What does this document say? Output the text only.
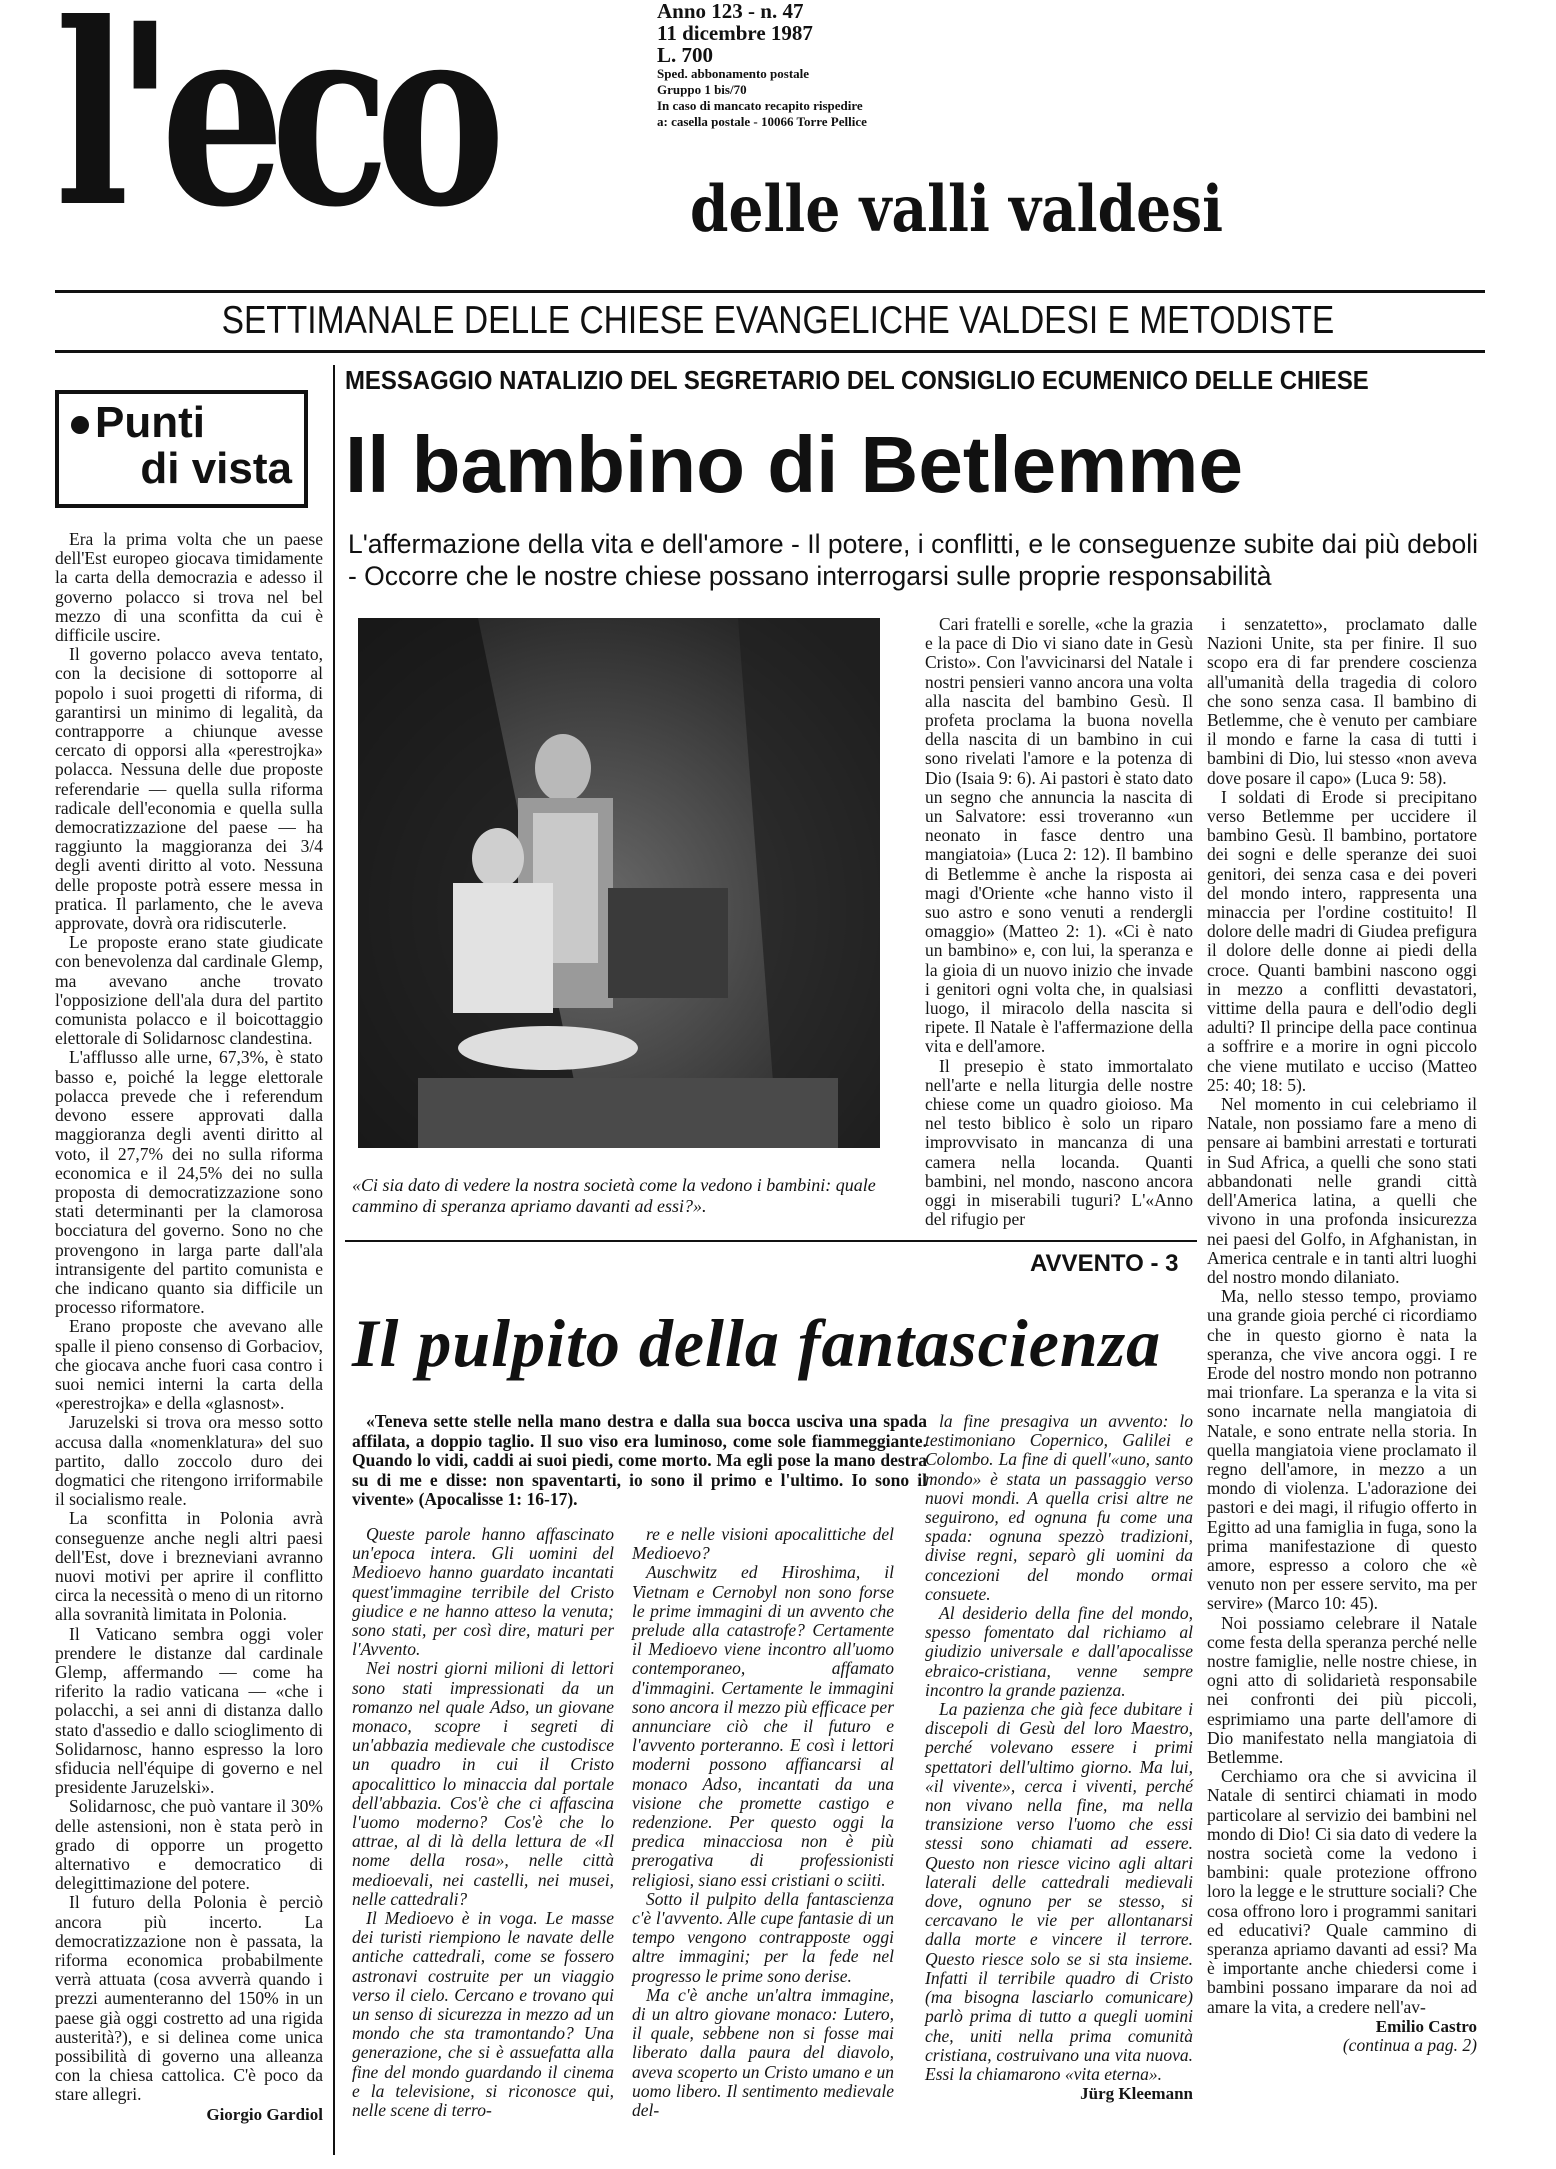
l'eco	Anno 123 - n. 47
11 dicembre 1987
L. 700
Sped. abbonamento postale
Gruppo 1 bis/70
In caso di mancato recapito rispedire
a: casella postale - 10066 Torre Pellice
delle valli valdesi
SETTIMANALE DELLE CHIESE EVANGELICHE VALDESI E METODISTE
Punti
di vista

Era la prima volta che un paese dell'Est europeo giocava timidamente la carta della democrazia e adesso il governo polacco si trova nel bel mezzo di una sconfitta da cui è difficile uscire.

Il governo polacco aveva tentato, con la decisione di sottoporre al popolo i suoi progetti di riforma, di garantirsi un minimo di legalità, da contrapporre a chiunque avesse cercato di opporsi alla «perestrojka» polacca. Nessuna delle due proposte referendarie — quella sulla riforma radicale dell'economia e quella sulla democratizzazione del paese — ha raggiunto la maggioranza dei 3/4 degli aventi diritto al voto. Nessuna delle proposte potrà essere messa in pratica. Il parlamento, che le aveva approvate, dovrà ora ridiscuterle.

Le proposte erano state giudicate con benevolenza dal cardinale Glemp, ma avevano anche trovato l'opposizione dell'ala dura del partito comunista polacco e il boicottaggio elettorale di Solidarnosc clandestina.

L'afflusso alle urne, 67,3%, è stato basso e, poiché la legge elettorale polacca prevede che i referendum devono essere approvati dalla maggioranza degli aventi diritto al voto, il 27,7% dei no sulla riforma economica e il 24,5% dei no sulla proposta di democratizzazione sono stati determinanti per la clamorosa bocciatura del governo. Sono no che provengono in larga parte dall'ala intransigente del partito comunista e che indicano quanto sia difficile un processo riformatore.

Erano proposte che avevano alle spalle il pieno consenso di Gorbaciov, che giocava anche fuori casa contro i suoi nemici interni la carta della «perestrojka» e della «glasnost».

Jaruzelski si trova ora messo sotto accusa dalla «nomenklatura» del suo partito, dallo zoccolo duro dei dogmatici che ritengono irriformabile il socialismo reale.

La sconfitta in Polonia avrà conseguenze anche negli altri paesi dell'Est, dove i brezneviani avranno nuovi motivi per aprire il conflitto circa la necessità o meno di un ritorno alla sovranità limitata in Polonia.

Il Vaticano sembra oggi voler prendere le distanze dal cardinale Glemp, affermando — come ha riferito la radio vaticana — «che i polacchi, a sei anni di distanza dallo stato d'assedio e dallo scioglimento di Solidarnosc, hanno espresso la loro sfiducia nell'équipe di governo e nel presidente Jaruzelski».

Solidarnosc, che può vantare il 30% delle astensioni, non è stata però in grado di opporre un progetto alternativo e democratico di delegittimazione del potere.

Il futuro della Polonia è perciò ancora più incerto. La democratizzazione non è passata, la riforma economica probabilmente verrà attuata (cosa avverrà quando i prezzi aumenteranno del 150% in un paese già oggi costretto ad una rigida austerità?), e si delinea come unica possibilità di governo una alleanza con la chiesa cattolica. C'è poco da stare allegri.

Giorgio Gardiol
MESSAGGIO NATALIZIO DEL SEGRETARIO DEL CONSIGLIO ECUMENICO DELLE CHIESE
Il bambino di Betlemme
L'affermazione della vita e dell'amore - Il potere, i conflitti, e le conseguenze subite dai più deboli - Occorre che le nostre chiese possano interrogarsi sulle proprie responsabilità
«Ci sia dato di vedere la nostra società come la vedono i bambini: quale cammino di speranza apriamo davanti ad essi?».

Cari fratelli e sorelle, «che la grazia e la pace di Dio vi siano date in Gesù Cristo». Con l'avvicinarsi del Natale i nostri pensieri vanno ancora una volta alla nascita del bambino Gesù. Il profeta proclama la buona novella della nascita di un bambino in cui sono rivelati l'amore e la potenza di Dio (Isaia 9: 6). Ai pastori è stato dato un segno che annuncia la nascita di un Salvatore: essi troveranno «un neonato in fasce dentro una mangiatoia» (Luca 2: 12). Il bambino di Betlemme è anche la risposta ai magi d'Oriente «che hanno visto il suo astro e sono venuti a rendergli omaggio» (Matteo 2: 1). «Ci è nato un bambino» e, con lui, la speranza e la gioia di un nuovo inizio che invade i genitori ogni volta che, in qualsiasi luogo, il miracolo della nascita si ripete. Il Natale è l'affermazione della vita e dell'amore.

Il presepio è stato immortalato nell'arte e nella liturgia delle nostre chiese come un quadro gioioso. Ma nel testo biblico è solo un riparo improvvisato in mancanza di una camera nella locanda. Quanti bambini, nel mondo, nascono ancora oggi in miserabili tuguri? L'«Anno del rifugio per

i senzatetto», proclamato dalle Nazioni Unite, sta per finire. Il suo scopo era di far prendere coscienza all'umanità della tragedia di coloro che sono senza casa. Il bambino di Betlemme, che è venuto per cambiare il mondo e farne la casa di tutti i bambini di Dio, lui stesso «non aveva dove posare il capo» (Luca 9: 58).

I soldati di Erode si precipitano verso Betlemme per uccidere il bambino Gesù. Il bambino, portatore dei sogni e delle speranze dei suoi genitori, dei senza casa e dei poveri del mondo intero, rappresenta una minaccia per l'ordine costituito! Il dolore delle madri di Giudea prefigura il dolore delle donne ai piedi della croce. Quanti bambini nascono oggi in mezzo a conflitti devastatori, vittime della paura e dell'odio degli adulti? Il principe della pace continua a soffrire e a morire in ogni piccolo che viene mutilato e ucciso (Matteo 25: 40; 18: 5).

Nel momento in cui celebriamo il Natale, non possiamo fare a meno di pensare ai bambini arrestati e torturati in Sud Africa, a quelli che sono stati abbandonati nelle grandi città dell'America latina, a quelli che vivono in una profonda insicurezza nei paesi del Golfo, in Afghanistan, in America centrale e in tanti altri luoghi del nostro mondo dilaniato.

Ma, nello stesso tempo, proviamo una grande gioia perché ci ricordiamo che in questo giorno è nata la speranza, che vive ancora oggi. I re Erode del nostro mondo non potranno mai trionfare. La speranza e la vita si sono incarnate nella mangiatoia di Natale, e sono entrate nella storia. In quella mangiatoia viene proclamato il regno dell'amore, in mezzo a un mondo di violenza. L'adorazione dei pastori e dei magi, il rifugio offerto in Egitto ad una famiglia in fuga, sono la prima manifestazione di questo amore, espresso a coloro che «è venuto non per essere servito, ma per servire» (Marco 10: 45).

Noi possiamo celebrare il Natale come festa della speranza perché nelle nostre famiglie, nelle nostre chiese, in ogni atto di solidarietà responsabile nei confronti dei più piccoli, esprimiamo una parte dell'amore di Dio manifestato nella mangiatoia di Betlemme.

Cerchiamo ora che si avvicina il Natale di sentirci chiamati in modo particolare al servizio dei bambini nel mondo di Dio! Ci sia dato di vedere la nostra società come la vedono i bambini: quale protezione offrono loro la legge e le strutture sociali? Che cosa offrono loro i programmi sanitari ed educativi? Quale cammino di speranza apriamo davanti ad essi? Ma è importante anche chiedersi come i bambini possano imparare da noi ad amare la vita, a credere nell'av-

Emilio Castro
(continua a pag. 2)
AVVENTO - 3
Il pulpito della fantascienza

«Teneva sette stelle nella mano destra e dalla sua bocca usciva una spada affilata, a doppio taglio. Il suo viso era luminoso, come sole fiammeggiante. Quando lo vidi, caddi ai suoi piedi, come morto. Ma egli pose la mano destra su di me e disse: non spaventarti, io sono il primo e l'ultimo. Io sono il vivente» (Apocalisse 1: 16-17).

Queste parole hanno affascinato un'epoca intera. Gli uomini del Medioevo hanno guardato incantati quest'immagine terribile del Cristo giudice e ne hanno atteso la venuta; sono stati, per così dire, maturi per l'Avvento.

Nei nostri giorni milioni di lettori sono stati impressionati da un romanzo nel quale Adso, un giovane monaco, scopre i segreti di un'abbazia medievale che custodisce un quadro in cui il Cristo apocalittico lo minaccia dal portale dell'abbazia. Cos'è che ci affascina l'uomo moderno? Cos'è che lo attrae, al di là della lettura de «Il nome della rosa», nelle città medioevali, nei castelli, nei musei, nelle cattedrali?

Il Medioevo è in voga. Le masse dei turisti riempiono le navate delle antiche cattedrali, come se fossero astronavi costruite per un viaggio verso il cielo. Cercano e trovano qui un senso di sicurezza in mezzo ad un mondo che sta tramontando? Una generazione, che si è assuefatta alla fine del mondo guardando il cinema e la televisione, si riconosce qui, nelle scene di terro-

re e nelle visioni apocalittiche del Medioevo?

Auschwitz ed Hiroshima, il Vietnam e Cernobyl non sono forse le prime immagini di un avvento che prelude alla catastrofe? Certamente il Medioevo viene incontro all'uomo contemporaneo, affamato d'immagini. Certamente le immagini sono ancora il mezzo più efficace per annunciare ciò che il futuro e l'avvento porteranno. E così i lettori moderni possono affiancarsi al monaco Adso, incantati da una visione che promette castigo e redenzione. Per questo oggi la predica minacciosa non è più prerogativa di professionisti religiosi, siano essi cristiani o sciiti.

Sotto il pulpito della fantascienza c'è l'avvento. Alle cupe fantasie di un tempo vengono contrapposte oggi altre immagini; per la fede nel progresso le prime sono derise.

Ma c'è anche un'altra immagine, di un altro giovane monaco: Lutero, il quale, sebbene non si fosse mai liberato dalla paura del diavolo, aveva scoperto un Cristo umano e un uomo libero. Il sentimento medievale del-

la fine presagiva un avvento: lo testimoniano Copernico, Galilei e Colombo. La fine di quell'«uno, santo mondo» è stata un passaggio verso nuovi mondi. A quella crisi altre ne seguirono, ed ognuna fu come una spada: ognuna spezzò tradizioni, divise regni, separò gli uomini da concezioni del mondo ormai consuete.

Al desiderio della fine del mondo, spesso fomentato dal richiamo al giudizio universale e dall'apocalisse ebraico-cristiana, venne sempre incontro la grande pazienza.

La pazienza che già fece dubitare i discepoli di Gesù del loro Maestro, perché volevano essere i primi spettatori dell'ultimo giorno. Ma lui, «il vivente», cerca i viventi, perché non vivano nella fine, ma nella transizione verso l'uomo che essi stessi sono chiamati ad essere. Questo non riesce vicino agli altari laterali delle cattedrali medievali dove, ognuno per se stesso, si cercavano le vie per allontanarsi dalla morte e vincere il terrore. Questo riesce solo se si sta insieme. Infatti il terribile quadro di Cristo (ma bisogna lasciarlo comunicare) parlò prima di tutto a quegli uomini che, uniti nella prima comunità cristiana, costruivano una vita nuova. Essi la chiamarono «vita eterna».

Jürg Kleemann
